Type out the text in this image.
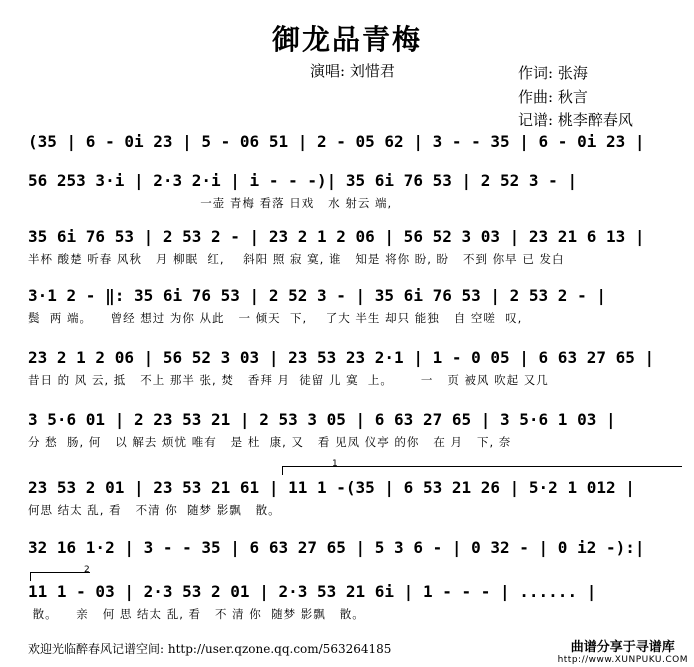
御龙品青梅
演唱: 刘惜君	作词: 张海
作曲: 秋言
记谱: 桃李醉春风
(35 | 6 - 0i 23 | 5 - 06 51 | 2 - 05 62 | 3 - - 35 | 6 - 0i 23 |
56 253 3·i | 2·3 2·i | i - - -)| 35 6i 76 53 | 2 52 3 - |
一壶 青梅 看落 日戏   水 射云 端,
35 6i 76 53 | 2 53 2 - | 23 2 1 2 06 | 56 52 3 03 | 23 21 6 13 |
半杯 酸楚 听春 风秋   月 柳眠  红,    斜阳 照 寂 寞, 谁   知是 将你 盼, 盼   不到 你早 已 发白
3·1 2 - ‖: 35 6i 76 53 | 2 52 3 - | 35 6i 76 53 | 2 53 2 - |
鬓  两 端。    曾经 想过 为你 从此   一 倾天  下,    了大 半生 却只 能独   自 空嗟  叹,
23 2 1 2 06 | 56 52 3 03 | 23 53 23 2·1 | 1 - 0 05 | 6 63 27 65 |
昔日 的 风 云, 抵   不上 那半 张, 焚   香拜 月  徒留 儿 寞  上。      一   页 被风 吹起 又几
3 5·6 01 | 2 23 53 21 | 2 53 3 05 | 6 63 27 65 | 3 5·6 1 03 |
分 愁  肠, 何   以 解去 烦忧 唯有   是 杜  康, 又   看 见凤 仪亭 的你   在 月   下, 奈
23 53 2 01 | 23 53 21 61 | 11 1 -(35 | 6 53 21 26 | 5·2 1 012 |
何思 结太 乱, 看   不清 你  随梦 影飘   散。
32 16 1·2 | 3 - - 35 | 6 63 27 65 | 5 3 6 - | 0 32 - | 0 i2 -):|
11 1 - 03 | 2·3 53 2 01 | 2·3 53 21 6i | 1 - - - | ...... |
散。    亲   何 思 结太 乱, 看   不 清 你  随梦 影飘   散。
1
2
欢迎光临醉春风记谱空间: http://user.qzone.qq.com/563264185	曲谱分享于寻谱库
http://www.XUNPUKU.COM
